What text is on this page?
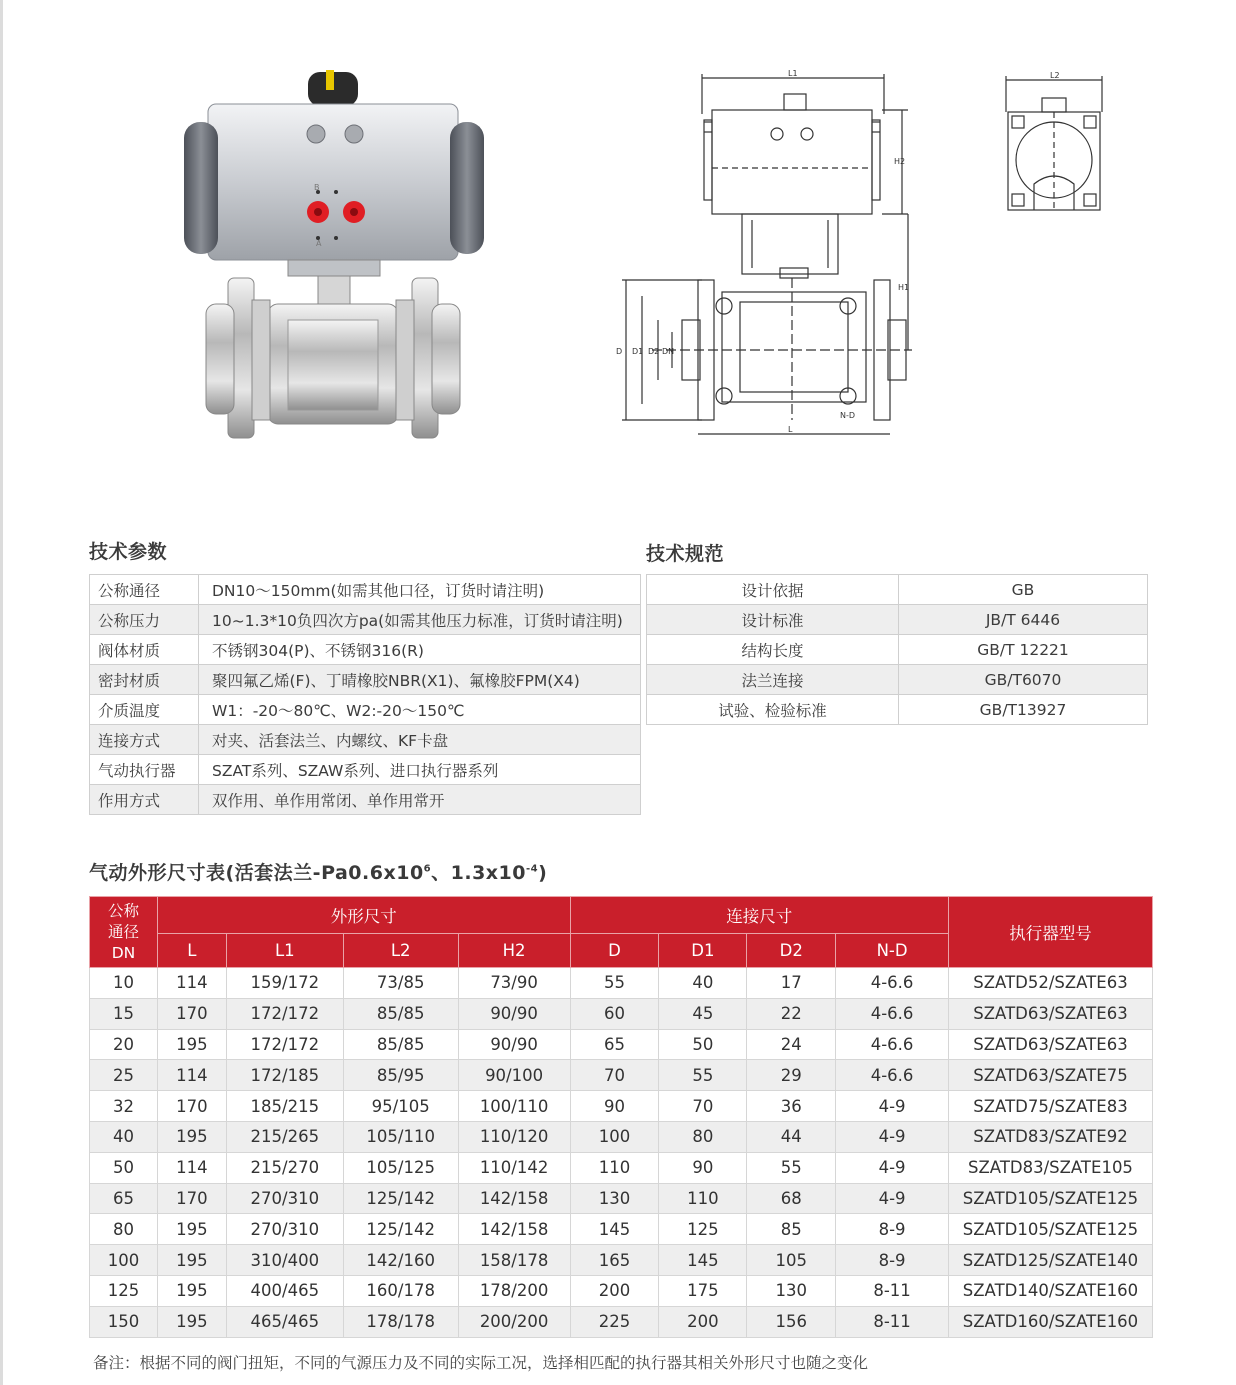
B
A
L1
H2
H1
D D1 D2 DN
L
N-D
L2
技术参数
公称通径	DN10～150mm(如需其他口径，订货时请注明)
公称压力	10~1.3*10负四次方pa(如需其他压力标准，订货时请注明)
阀体材质	不锈钢304(P)、不锈钢316(R)
密封材质	聚四氟乙烯(F)、丁晴橡胶NBR(X1)、氟橡胶FPM(X4)
介质温度	W1：-20～80℃、W2:-20～150℃
连接方式	对夹、活套法兰、内螺纹、KF卡盘
气动执行器	SZAT系列、SZAW系列、进口执行器系列
作用方式	双作用、单作用常闭、单作用常开
技术规范
设计依据	GB
设计标准	JB/T 6446
结构长度	GB/T 12221
法兰连接	GB/T6070
试验、检验标准	GB/T13927
气动外形尺寸表(活套法兰$-Pa0.6x10^6$、$1.3x10^{-4}$)
公称
通径
DN	外形尺寸				连接尺寸				执行器型号
	L	L1	L2	H2	D	D1	D2	N-D	
10	114	159/172	73/85	73/90	55	40	17	4-6.6	SZATD52/SZATE63
15	170	172/172	85/85	90/90	60	45	22	4-6.6	SZATD63/SZATE63
20	195	172/172	85/85	90/90	65	50	24	4-6.6	SZATD63/SZATE63
25	114	172/185	85/95	90/100	70	55	29	4-6.6	SZATD63/SZATE75
32	170	185/215	95/105	100/110	90	70	36	4-9	SZATD75/SZATE83
40	195	215/265	105/110	110/120	100	80	44	4-9	SZATD83/SZATE92
50	114	215/270	105/125	110/142	110	90	55	4-9	SZATD83/SZATE105
65	170	270/310	125/142	142/158	130	110	68	4-9	SZATD105/SZATE125
80	195	270/310	125/142	142/158	145	125	85	8-9	SZATD105/SZATE125
100	195	310/400	142/160	158/178	165	145	105	8-9	SZATD125/SZATE140
125	195	400/465	160/178	178/200	200	175	130	8-11	SZATD140/SZATE160
150	195	465/465	178/178	200/200	225	200	156	8-11	SZATD160/SZATE160
备注：根据不同的阀门扭矩，不同的气源压力及不同的实际工况，选择相匹配的执行器其相关外形尺寸也随之变化
